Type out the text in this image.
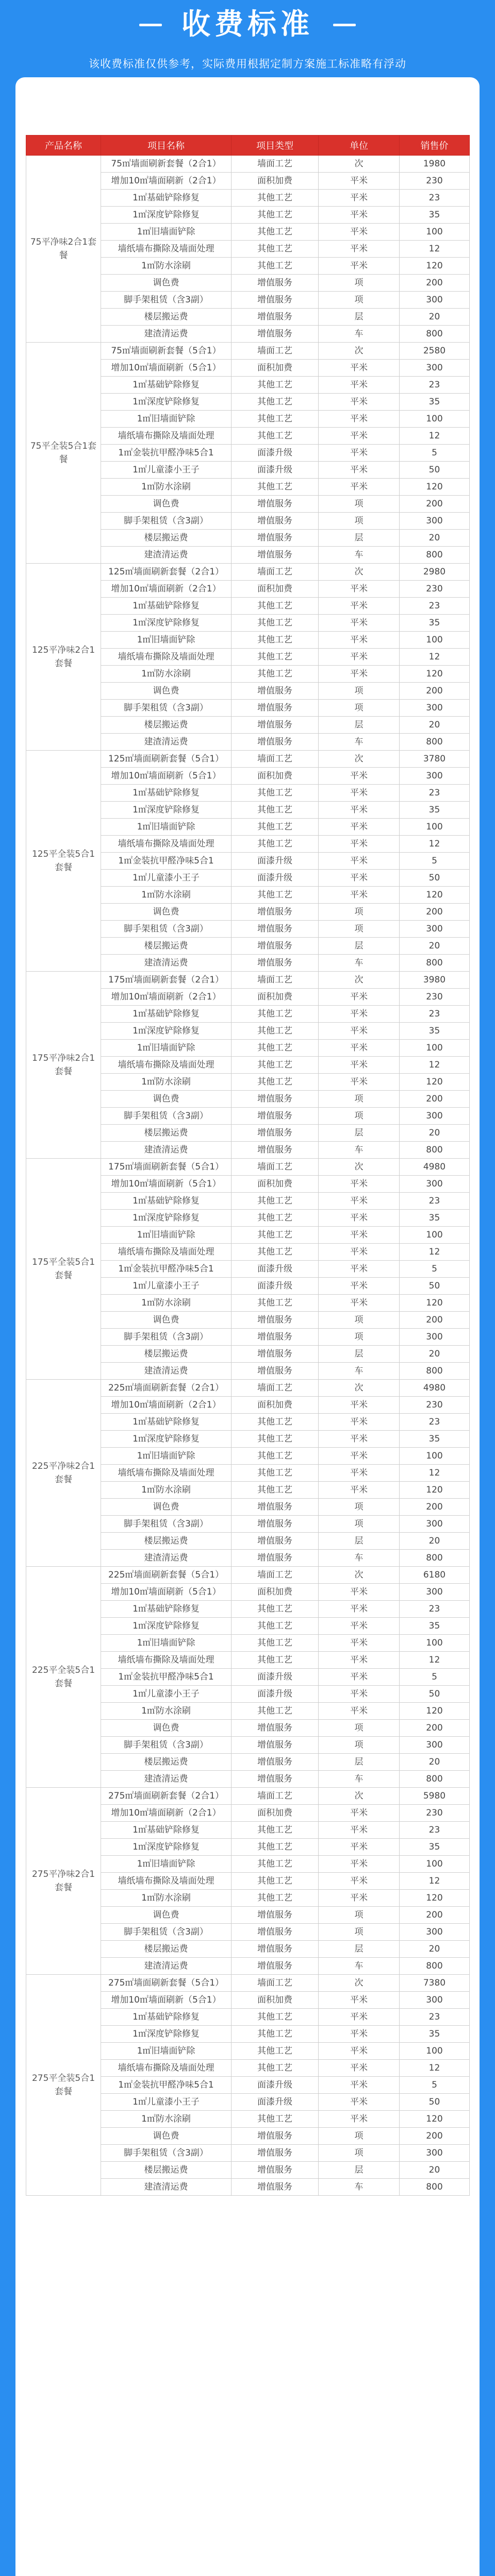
收费标准
该收费标准仅供参考，实际费用根据定制方案施工标准略有浮动
产品名称	项目名称	项目类型	单位	销售价
75平净味2合1套餐	75㎡墙面刷新套餐（2合1）	墙面工艺	次	1980
	增加10㎡墙面刷新（2合1）	面积加费	平米	230
	1㎡基础铲除修复	其他工艺	平米	23
	1㎡深度铲除修复	其他工艺	平米	35
	1㎡旧墙面铲除	其他工艺	平米	100
	墙纸墙布撕除及墙面处理	其他工艺	平米	12
	1㎡防水涂刷	其他工艺	平米	120
	调色费	增值服务	项	200
	脚手架租赁（含3副）	增值服务	项	300
	楼层搬运费	增值服务	层	20
	建渣清运费	增值服务	车	800
75平全装5合1套餐	75㎡墙面刷新套餐（5合1）	墙面工艺	次	2580
	增加10㎡墙面刷新（5合1）	面积加费	平米	300
	1㎡基础铲除修复	其他工艺	平米	23
	1㎡深度铲除修复	其他工艺	平米	35
	1㎡旧墙面铲除	其他工艺	平米	100
	墙纸墙布撕除及墙面处理	其他工艺	平米	12
	1㎡金装抗甲醛净味5合1	面漆升级	平米	5
	1㎡儿童漆小王子	面漆升级	平米	50
	1㎡防水涂刷	其他工艺	平米	120
	调色费	增值服务	项	200
	脚手架租赁（含3副）	增值服务	项	300
	楼层搬运费	增值服务	层	20
	建渣清运费	增值服务	车	800
125平净味2合1套餐	125㎡墙面刷新套餐（2合1）	墙面工艺	次	2980
	增加10㎡墙面刷新（2合1）	面积加费	平米	230
	1㎡基础铲除修复	其他工艺	平米	23
	1㎡深度铲除修复	其他工艺	平米	35
	1㎡旧墙面铲除	其他工艺	平米	100
	墙纸墙布撕除及墙面处理	其他工艺	平米	12
	1㎡防水涂刷	其他工艺	平米	120
	调色费	增值服务	项	200
	脚手架租赁（含3副）	增值服务	项	300
	楼层搬运费	增值服务	层	20
	建渣清运费	增值服务	车	800
125平全装5合1套餐	125㎡墙面刷新套餐（5合1）	墙面工艺	次	3780
	增加10㎡墙面刷新（5合1）	面积加费	平米	300
	1㎡基础铲除修复	其他工艺	平米	23
	1㎡深度铲除修复	其他工艺	平米	35
	1㎡旧墙面铲除	其他工艺	平米	100
	墙纸墙布撕除及墙面处理	其他工艺	平米	12
	1㎡金装抗甲醛净味5合1	面漆升级	平米	5
	1㎡儿童漆小王子	面漆升级	平米	50
	1㎡防水涂刷	其他工艺	平米	120
	调色费	增值服务	项	200
	脚手架租赁（含3副）	增值服务	项	300
	楼层搬运费	增值服务	层	20
	建渣清运费	增值服务	车	800
175平净味2合1套餐	175㎡墙面刷新套餐（2合1）	墙面工艺	次	3980
	增加10㎡墙面刷新（2合1）	面积加费	平米	230
	1㎡基础铲除修复	其他工艺	平米	23
	1㎡深度铲除修复	其他工艺	平米	35
	1㎡旧墙面铲除	其他工艺	平米	100
	墙纸墙布撕除及墙面处理	其他工艺	平米	12
	1㎡防水涂刷	其他工艺	平米	120
	调色费	增值服务	项	200
	脚手架租赁（含3副）	增值服务	项	300
	楼层搬运费	增值服务	层	20
	建渣清运费	增值服务	车	800
175平全装5合1套餐	175㎡墙面刷新套餐（5合1）	墙面工艺	次	4980
	增加10㎡墙面刷新（5合1）	面积加费	平米	300
	1㎡基础铲除修复	其他工艺	平米	23
	1㎡深度铲除修复	其他工艺	平米	35
	1㎡旧墙面铲除	其他工艺	平米	100
	墙纸墙布撕除及墙面处理	其他工艺	平米	12
	1㎡金装抗甲醛净味5合1	面漆升级	平米	5
	1㎡儿童漆小王子	面漆升级	平米	50
	1㎡防水涂刷	其他工艺	平米	120
	调色费	增值服务	项	200
	脚手架租赁（含3副）	增值服务	项	300
	楼层搬运费	增值服务	层	20
	建渣清运费	增值服务	车	800
225平净味2合1套餐	225㎡墙面刷新套餐（2合1）	墙面工艺	次	4980
	增加10㎡墙面刷新（2合1）	面积加费	平米	230
	1㎡基础铲除修复	其他工艺	平米	23
	1㎡深度铲除修复	其他工艺	平米	35
	1㎡旧墙面铲除	其他工艺	平米	100
	墙纸墙布撕除及墙面处理	其他工艺	平米	12
	1㎡防水涂刷	其他工艺	平米	120
	调色费	增值服务	项	200
	脚手架租赁（含3副）	增值服务	项	300
	楼层搬运费	增值服务	层	20
	建渣清运费	增值服务	车	800
225平全装5合1套餐	225㎡墙面刷新套餐（5合1）	墙面工艺	次	6180
	增加10㎡墙面刷新（5合1）	面积加费	平米	300
	1㎡基础铲除修复	其他工艺	平米	23
	1㎡深度铲除修复	其他工艺	平米	35
	1㎡旧墙面铲除	其他工艺	平米	100
	墙纸墙布撕除及墙面处理	其他工艺	平米	12
	1㎡金装抗甲醛净味5合1	面漆升级	平米	5
	1㎡儿童漆小王子	面漆升级	平米	50
	1㎡防水涂刷	其他工艺	平米	120
	调色费	增值服务	项	200
	脚手架租赁（含3副）	增值服务	项	300
	楼层搬运费	增值服务	层	20
	建渣清运费	增值服务	车	800
275平净味2合1套餐	275㎡墙面刷新套餐（2合1）	墙面工艺	次	5980
	增加10㎡墙面刷新（2合1）	面积加费	平米	230
	1㎡基础铲除修复	其他工艺	平米	23
	1㎡深度铲除修复	其他工艺	平米	35
	1㎡旧墙面铲除	其他工艺	平米	100
	墙纸墙布撕除及墙面处理	其他工艺	平米	12
	1㎡防水涂刷	其他工艺	平米	120
	调色费	增值服务	项	200
	脚手架租赁（含3副）	增值服务	项	300
	楼层搬运费	增值服务	层	20
	建渣清运费	增值服务	车	800
275平全装5合1套餐	275㎡墙面刷新套餐（5合1）	墙面工艺	次	7380
	增加10㎡墙面刷新（5合1）	面积加费	平米	300
	1㎡基础铲除修复	其他工艺	平米	23
	1㎡深度铲除修复	其他工艺	平米	35
	1㎡旧墙面铲除	其他工艺	平米	100
	墙纸墙布撕除及墙面处理	其他工艺	平米	12
	1㎡金装抗甲醛净味5合1	面漆升级	平米	5
	1㎡儿童漆小王子	面漆升级	平米	50
	1㎡防水涂刷	其他工艺	平米	120
	调色费	增值服务	项	200
	脚手架租赁（含3副）	增值服务	项	300
	楼层搬运费	增值服务	层	20
	建渣清运费	增值服务	车	800
